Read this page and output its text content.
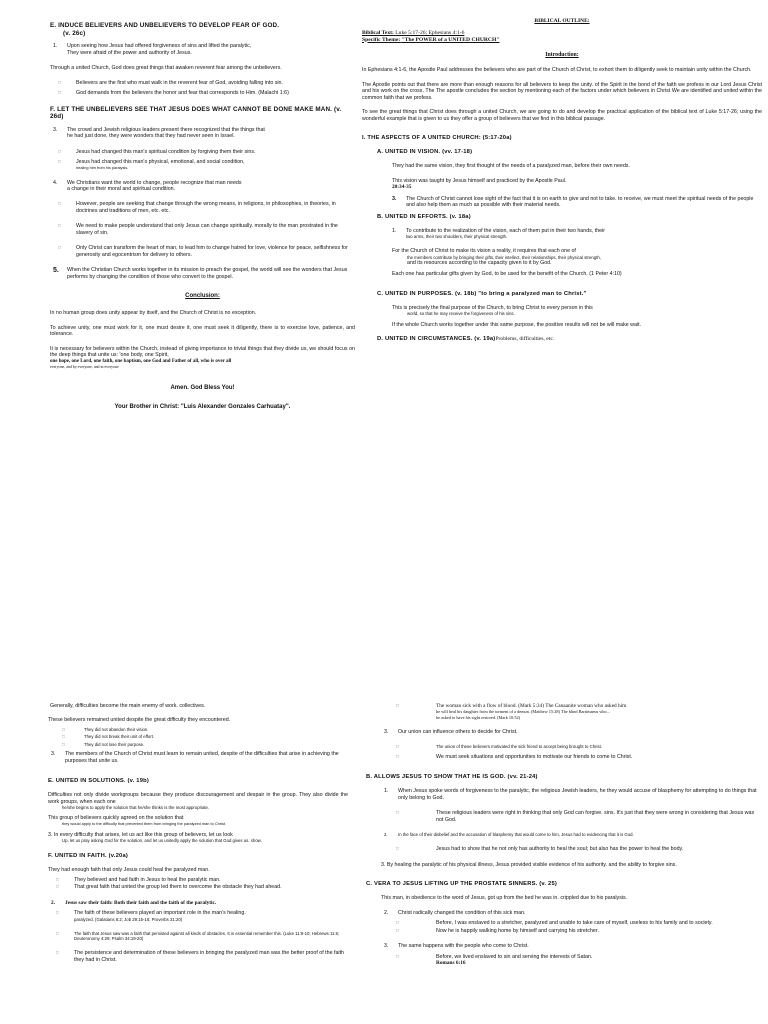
E. INDUCE BELIEVERS AND UNBELIEVERS TO DEVELOP FEAR OF GOD.
(v. 26c)
1.	Upon seeing how Jesus had offered forgiveness of sins and lifted the paralytic,
They were afraid of the power and authority of Jesus.
Through a united Church, God does great things that awaken reverent fear among the unbelievers.
□	Believers are the first who must walk in the reverent fear of God, avoiding falling into sin.
□	God demands from the believers the honor and fear that corresponds to Him. (Malachi 1:6)
F. LET THE UNBELIEVERS SEE THAT JESUS DOES WHAT CANNOT BE DONE MAKE MAN. (v. 26d)
3.	The crowd and Jewish religious leaders present there recognized that the things that
he had just done, they were wonders that they had never seen in Israel.
□	Jesus had changed this man's spiritual condition by forgiving them their sins.
□	Jesus had changed this man's physical, emotional, and social condition,
healing him from his paralysis.
4.	We Christians want the world to change, people recognize that man needs
a change in their moral and spiritual condition.
□	However, people are seeking that change through the wrong means, in religions, in philosophies, in theories, in doctrines and traditions of men, etc. etc.
□	We need to make people understand that only Jesus can change spiritually. morally to the man prostrated in the slavery of sin.
□	Only Christ can transform the heart of man, to lead him to change hatred for love, violence for peace, selfishness for generosity and egocentrism for delivery to others.
5.	When the Christian Church works together in its mission to preach the gospel, the world will see the wonders that Jesus performs by changing the condition of those who convert to the gospel.
Conclusion:
In no human group does unity appear by itself, and the Church of Christ is no exception.
To achieve unity, one must work for it, one must desire it, one must seek it diligently, there is to exercise love, patience, and tolerance.
It is necessary for believers within the Church, instead of giving importance to trivial things that they divide us, we should focus on the deep things that unite us: 'one body, one Spirit,
one hope, one Lord, one faith, one baptism, one God and Father of all, who is over all
everyone, and by everyone, and in everyone
Amen. God Bless You!
Your Brother in Christ: "Luis Alexander Gonzales Carhuatay".
BIBLICAL OUTLINE:
Biblical Text: Luke 5:17-26; Ephesians 4:1-6
Specific Theme: "The POWER of a UNITED CHURCH"
Introduction:
In Ephesians 4:1-6, the Apostle Paul addresses the believers who are part of the Church of Christ, to exhort them to diligently seek to maintain unity within the Church.
The Apostle points out that there are more than enough reasons for all believers to keep the unity. of the Spirit in the bond of the faith we profess in our Lord Jesus Christ and his work on the cross. The The apostle concludes the section by mentioning each of the factors under which believers in Christ We are identified and united within the common faith that we profess.
To see the great things that Christ does through a united Church, we are going to do and develop the practical application of the biblical text of Luke 5:17-26; using the wonderful example that is given to us they offer a group of believers that we find in this biblical passage.
I. THE ASPECTS OF A UNITED CHURCH: (5:17-20a)
A. UNITED IN VISION. (vv. 17-18)
They had the same vision, they first thought of the needs of a paralyzed man, before their own needs.
This vision was taught by Jesus himself and practiced by the Apostle Paul.
20:34-35
3.	The Church of Christ cannot lose sight of the fact that it is on earth to give and not to take. to receive, we must meet the spiritual needs of the people and also help them as much as possible with their material needs.
B. UNITED IN EFFORTS. (v. 18a)
1.	To contribute to the realization of the vision, each of them put in their two hands, their
two arms, their two shoulders, their physical strength.
For the Church of Christ to make its vision a reality, it requires that each one of
the members contribute by bringing their gifts, their intellect, their relationships, their physical strength,
and its resources according to the capacity given to it by God.
Each one has particular gifts given by God, to be used for the benefit of the Church. (1 Peter 4:10)
C. UNITED IN PURPOSES. (v. 18b) "to bring a paralyzed man to Christ."
This is precisely the final purpose of the Church, to bring Christ to every person in this
world, so that he may receive the forgiveness of his sins.
If the whole Church works together under this same purpose, the positive results will not be will make wait.
D. UNITED IN CIRCUMSTANCES. (v. 19a)Problems, difficulties, etc.
Generally, difficulties become the main enemy of work. collectives.
These believers remained united despite the great difficulty they encountered.
□	They did not abandon their vision.
□	They did not break their unit of effort.
□	They did not lose their purpose.
3.	The members of the Church of Christ must learn to remain united, despite of the difficulties that arise in achieving the purposes that unite us.
E. UNITED IN SOLUTIONS. (v. 19b)
Difficulties not only divide workgroups because they produce discouragement and despair in the group. They also divide the work groups, when each one
he/she begins to apply the solution that he/she thinks is the most appropriate.
This group of believers quickly agreed on the solution that
they would apply to the difficulty that prevented them from bringing the paralyzed man to Christ.
3. In every difficulty that arises, let us act like this group of believers, let us look
Up, let us pray asking God for the solution, and let us unitedly apply the solution that God gives us. show.
F. UNITED IN FAITH. (v.20a)
They had enough faith that only Jesus could heal the paralyzed man.
□	They believed and had faith in Jesus to heal the paralytic man.
□	That great faith that united the group led them to overcome the obstacle they had ahead.
2.	Jesus saw their faith: Both their faith and the faith of the paralytic.
□	The faith of these believers played an important role in the man's healing.
paralyzed. (Galatians 6:2; Job 29:15-16; Proverbs 31:20)
□	The faith that Jesus saw was a faith that persisted against all kinds of obstacles. It is essential remember this. (Luke 11:9-10; Hebrews 11:6; Deuteronomy 4:29; Psalm 34:19-20)
□	The persistence and determination of these believers in bringing the paralyzed man was the better proof of the faith they had in Christ.
□	The woman sick with a flow of blood. (Mark 5:34) The Canaanite woman who asked him
he will heal his daughter from the torment of a demon. (Matthew 15:28) The blind Bartimaeus who...
he asked to have his sight restored. (Mark 10:52)
3.	Our union can influence others to decide for Christ.
□	The union of these believers motivated the sick friend to accept being brought to Christ.
□	We must seek situations and opportunities to motivate our friends to come to Christ.
B. ALLOWS JESUS TO SHOW THAT HE IS GOD. (vv. 21-24)
1.	When Jesus spoke words of forgiveness to the paralytic, the religious Jewish leaders, he they would accuse of blasphemy for attempting to do things that only belong to God.
□	These religious leaders were right in thinking that only God can forgive. sins. It's just that they were wrong in considering that Jesus was not God.
2.	In the face of their disbelief and the accusation of blasphemy that would come to him, Jesus had to evidencing that it is God.
□	Jesus had to show that he not only has authority to heal the soul; but also has the power to heal the body.
3. By healing the paralytic of his physical illness, Jesus provided visible evidence of his authority. and the ability to forgive sins.
C. VERA TO JESUS LIFTING UP THE PROSTATE SINNERS. (v. 25)
This man, in obedience to the word of Jesus, got up from the bed he was in. crippled due to his paralysis.
2.	Christ radically changed the condition of this sick man.
□	Before, I was enslaved to a stretcher, paralyzed and unable to take care of myself, useless to his family and to society.
□	Now he is happily walking home by himself and carrying his stretcher.
3.	The same happens with the people who come to Christ.
□	Before, we lived enslaved to sin and serving the interests of Satan.
Romans 6:16
